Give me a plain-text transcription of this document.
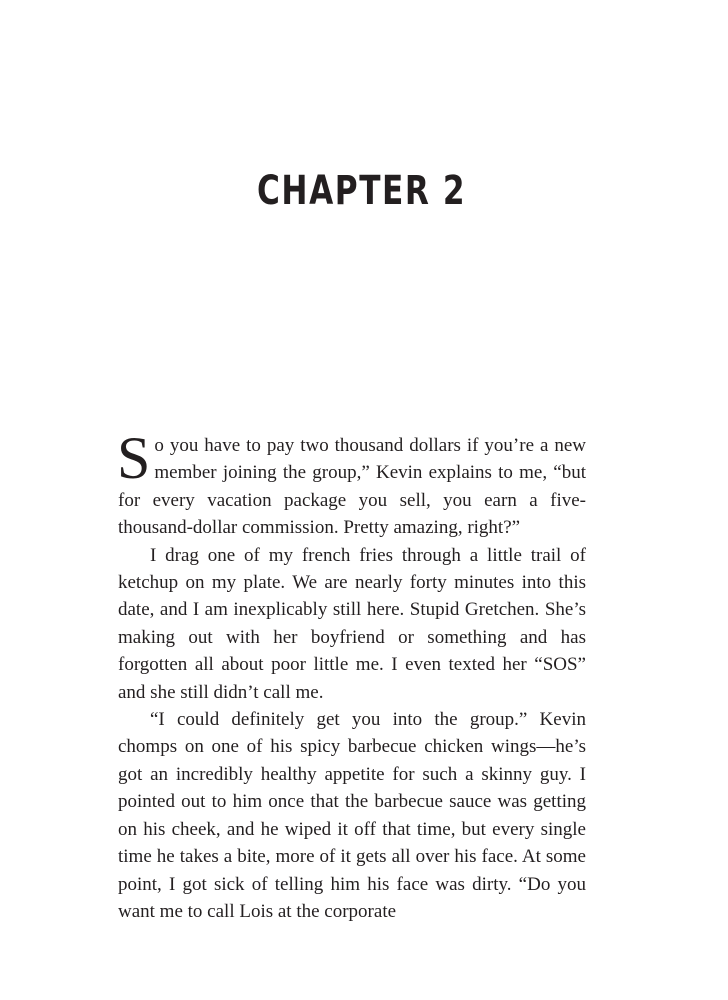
CHAPTER 2

So you have to pay two thousand dollars if you’re a new member joining the group,” Kevin explains to me, “but for every vacation package you sell, you earn a five-thousand-dollar commission. Pretty amazing, right?”

I drag one of my french fries through a little trail of ketchup on my plate. We are nearly forty minutes into this date, and I am inexplicably still here. Stupid Gretchen. She’s making out with her boyfriend or something and has forgotten all about poor little me. I even texted her “SOS” and she still didn’t call me.

“I could definitely get you into the group.” Kevin chomps on one of his spicy barbecue chicken wings—he’s got an incredibly healthy appetite for such a skinny guy. I pointed out to him once that the barbecue sauce was getting on his cheek, and he wiped it off that time, but every single time he takes a bite, more of it gets all over his face. At some point, I got sick of telling him his face was dirty. “Do you want me to call Lois at the corporate
